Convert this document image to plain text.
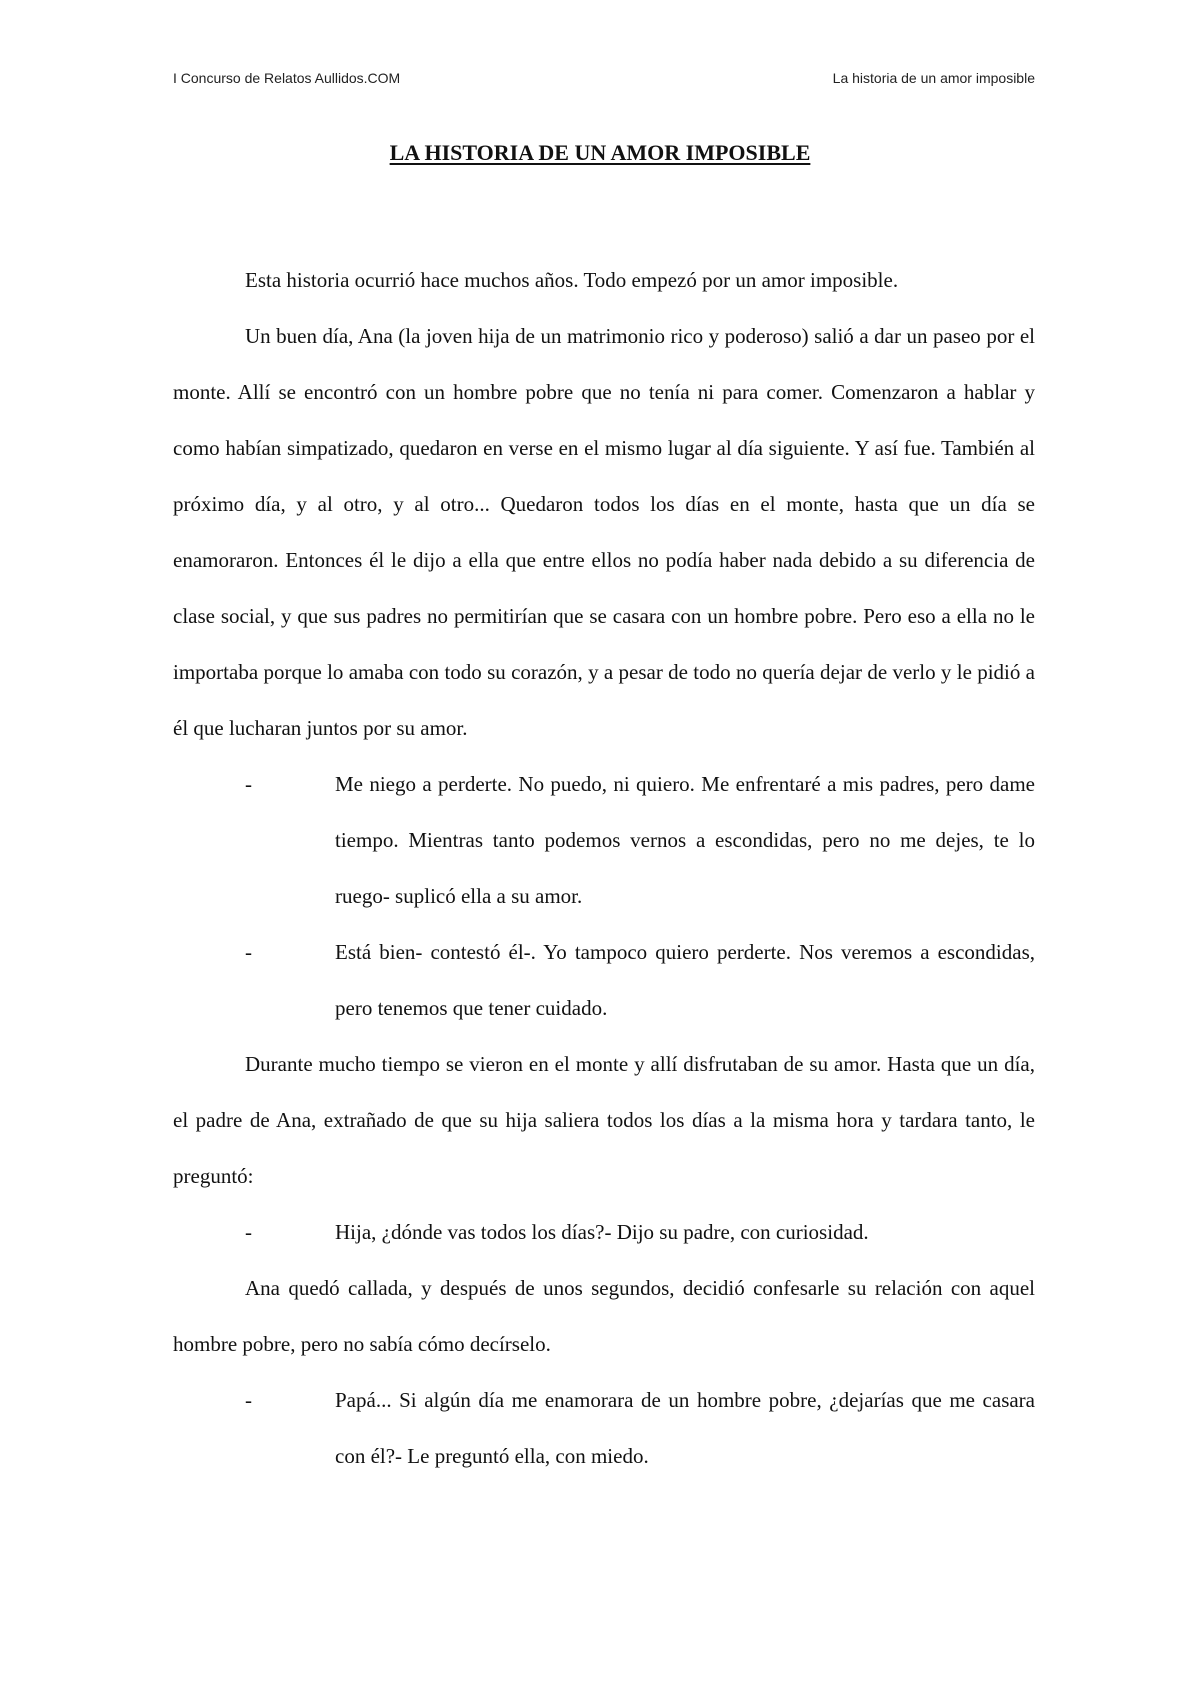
I Concurso de Relatos Aullidos.COM	La historia de un amor imposible
LA HISTORIA DE UN AMOR IMPOSIBLE

Esta historia ocurrió hace muchos años. Todo empezó por un amor imposible.

Un buen día, Ana (la joven hija de un matrimonio rico y poderoso) salió a dar un paseo por el monte. Allí se encontró con un hombre pobre que no tenía ni para comer. Comenzaron a hablar y como habían simpatizado, quedaron en verse en el mismo lugar al día siguiente. Y así fue. También al próximo día, y al otro, y al otro... Quedaron todos los días en el monte, hasta que un día se enamoraron. Entonces él le dijo a ella que entre ellos no podía haber nada debido a su diferencia de clase social, y que sus padres no permitirían que se casara con un hombre pobre. Pero eso a ella no le importaba porque lo amaba con todo su corazón, y a pesar de todo no quería dejar de verlo y le pidió a él que lucharan juntos por su amor.

-	Me niego a perderte. No puedo, ni quiero. Me enfrentaré a mis padres, pero dame tiempo. Mientras tanto podemos vernos a escondidas, pero no me dejes, te lo ruego- suplicó ella a su amor.
-	Está bien- contestó él-. Yo tampoco quiero perderte. Nos veremos a escondidas, pero tenemos que tener cuidado.

Durante mucho tiempo se vieron en el monte y allí disfrutaban de su amor. Hasta que un día, el padre de Ana, extrañado de que su hija saliera todos los días a la misma hora y tardara tanto, le preguntó:

-	Hija, ¿dónde vas todos los días?- Dijo su padre, con curiosidad.

Ana quedó callada, y después de unos segundos, decidió confesarle su relación con aquel hombre pobre, pero no sabía cómo decírselo.

-	Papá... Si algún día me enamorara de un hombre pobre, ¿dejarías que me casara con él?- Le preguntó ella, con miedo.
